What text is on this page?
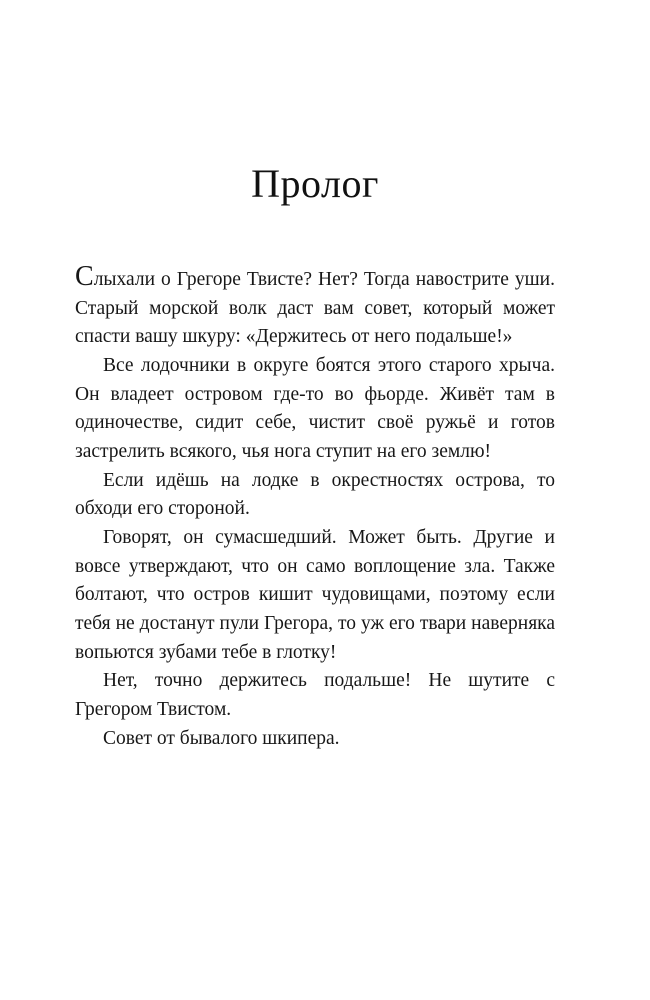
Пролог

Слыхали о Грегоре Твисте? Нет? Тогда навострите уши. Старый морской волк даст вам совет, который может спасти вашу шкуру: «Держитесь от него подальше!»

Все лодочники в округе боятся этого старого хрыча. Он владеет островом где-то во фьорде. Живёт там в одиночестве, сидит себе, чистит своё ружьё и готов застрелить всякого, чья нога ступит на его землю!

Если идёшь на лодке в окрестностях острова, то обходи его стороной.

Говорят, он сумасшедший. Может быть. Другие и вовсе утверждают, что он само воплощение зла. Также болтают, что остров кишит чудовищами, поэтому если тебя не достанут пули Грегора, то уж его твари наверняка вопьются зубами тебе в глотку!

Нет, точно держитесь подальше! Не шутите с Грегором Твистом.

Совет от бывалого шкипера.
